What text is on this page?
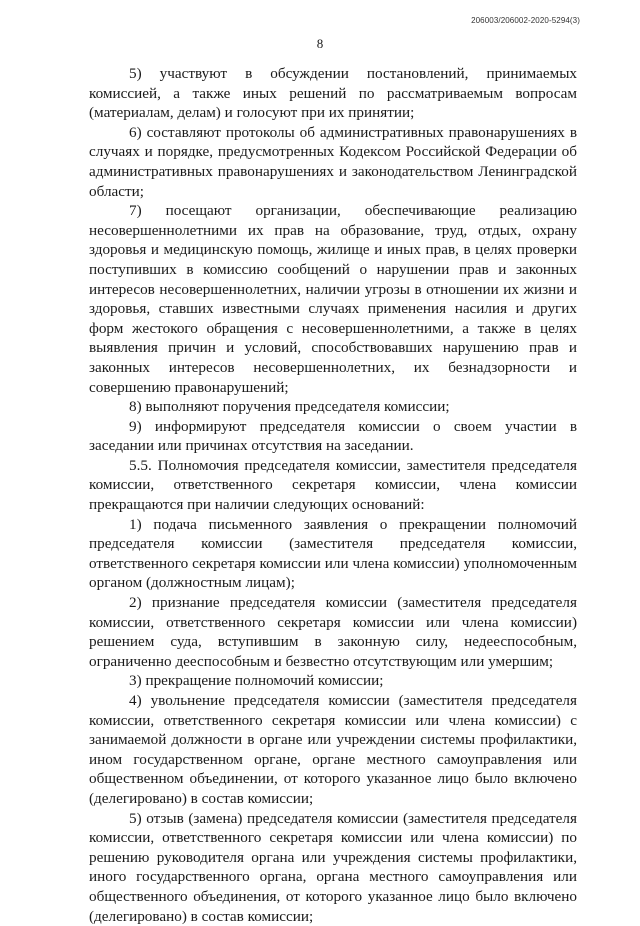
206003/206002-2020-5294(3)
8

5) участвуют в обсуждении постановлений, принимаемых комиссией, а также иных решений по рассматриваемым вопросам (материалам, делам) и голосуют при их принятии;

6) составляют протоколы об административных правонарушениях в случаях и порядке, предусмотренных Кодексом Российской Федерации об административных правонарушениях и законодательством Ленинградской области;

7) посещают организации, обеспечивающие реализацию несовершеннолетними их прав на образование, труд, отдых, охрану здоровья и медицинскую помощь, жилище и иных прав, в целях проверки поступивших в комиссию сообщений о нарушении прав и законных интересов несовершеннолетних, наличии угрозы в отношении их жизни и здоровья, ставших известными случаях применения насилия и других форм жестокого обращения с несовершеннолетними, а также в целях выявления причин и условий, способствовавших нарушению прав и законных интересов несовершеннолетних, их безнадзорности и совершению правонарушений;

8) выполняют поручения председателя комиссии;

9) информируют председателя комиссии о своем участии в заседании или причинах отсутствия на заседании.

5.5. Полномочия председателя комиссии, заместителя председателя комиссии, ответственного секретаря комиссии, члена комиссии прекращаются при наличии следующих оснований:

1) подача письменного заявления о прекращении полномочий председателя комиссии (заместителя председателя комиссии, ответственного секретаря комиссии или члена комиссии) уполномоченным органом (должностным лицам);

2) признание председателя комиссии (заместителя председателя комиссии, ответственного секретаря комиссии или члена комиссии) решением суда, вступившим в законную силу, недееспособным, ограниченно дееспособным и безвестно отсутствующим или умершим;

3) прекращение полномочий комиссии;

4) увольнение председателя комиссии (заместителя председателя комиссии, ответственного секретаря комиссии или члена комиссии) с занимаемой должности в органе или учреждении системы профилактики, ином государственном органе, органе местного самоуправления или общественном объединении, от которого указанное лицо было включено (делегировано) в состав комиссии;

5) отзыв (замена) председателя комиссии (заместителя председателя комиссии, ответственного секретаря комиссии или члена комиссии) по решению руководителя органа или учреждения системы профилактики, иного государственного органа, органа местного самоуправления или общественного объединения, от которого указанное лицо было включено (делегировано) в состав комиссии;
